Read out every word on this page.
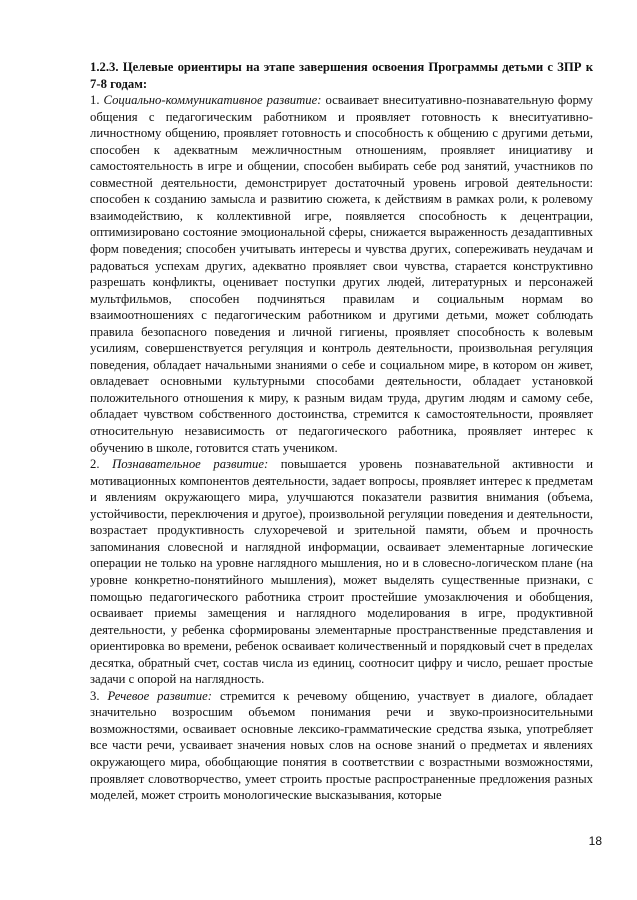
1.2.3. Целевые ориентиры на этапе завершения освоения Программы детьми с ЗПР к 7-8 годам:

1. Социально-коммуникативное развитие: осваивает внеситуативно-познавательную форму общения с педагогическим работником и проявляет готовность к внеситуативно-личностному общению, проявляет готовность и способность к общению с другими детьми, способен к адекватным межличностным отношениям, проявляет инициативу и самостоятельность в игре и общении, способен выбирать себе род занятий, участников по совместной деятельности, демонстрирует достаточный уровень игровой деятельности: способен к созданию замысла и развитию сюжета, к действиям в рамках роли, к ролевому взаимодействию, к коллективной игре, появляется способность к децентрации, оптимизировано состояние эмоциональной сферы, снижается выраженность дезадаптивных форм поведения; способен учитывать интересы и чувства других, сопереживать неудачам и радоваться успехам других, адекватно проявляет свои чувства, старается конструктивно разрешать конфликты, оценивает поступки других людей, литературных и персонажей мультфильмов, способен подчиняться правилам и социальным нормам во взаимоотношениях с педагогическим работником и другими детьми, может соблюдать правила безопасного поведения и личной гигиены, проявляет способность к волевым усилиям, совершенствуется регуляция и контроль деятельности, произвольная регуляция поведения, обладает начальными знаниями о себе и социальном мире, в котором он живет, овладевает основными культурными способами деятельности, обладает установкой положительного отношения к миру, к разным видам труда, другим людям и самому себе, обладает чувством собственного достоинства, стремится к самостоятельности, проявляет относительную независимость от педагогического работника, проявляет интерес к обучению в школе, готовится стать учеником.

2. Познавательное развитие: повышается уровень познавательной активности и мотивационных компонентов деятельности, задает вопросы, проявляет интерес к предметам и явлениям окружающего мира, улучшаются показатели развития внимания (объема, устойчивости, переключения и другое), произвольной регуляции поведения и деятельности, возрастает продуктивность слухоречевой и зрительной памяти, объем и прочность запоминания словесной и наглядной информации, осваивает элементарные логические операции не только на уровне наглядного мышления, но и в словесно-логическом плане (на уровне конкретно-понятийного мышления), может выделять существенные признаки, с помощью педагогического работника строит простейшие умозаключения и обобщения, осваивает приемы замещения и наглядного моделирования в игре, продуктивной деятельности, у ребенка сформированы элементарные пространственные представления и ориентировка во времени, ребенок осваивает количественный и порядковый счет в пределах десятка, обратный счет, состав числа из единиц, соотносит цифру и число, решает простые задачи с опорой на наглядность.

3. Речевое развитие: стремится к речевому общению, участвует в диалоге, обладает значительно возросшим объемом понимания речи и звуко-произносительными возможностями, осваивает основные лексико-грамматические средства языка, употребляет все части речи, усваивает значения новых слов на основе знаний о предметах и явлениях окружающего мира, обобщающие понятия в соответствии с возрастными возможностями, проявляет словотворчество, умеет строить простые распространенные предложения разных моделей, может строить монологические высказывания, которые

18
